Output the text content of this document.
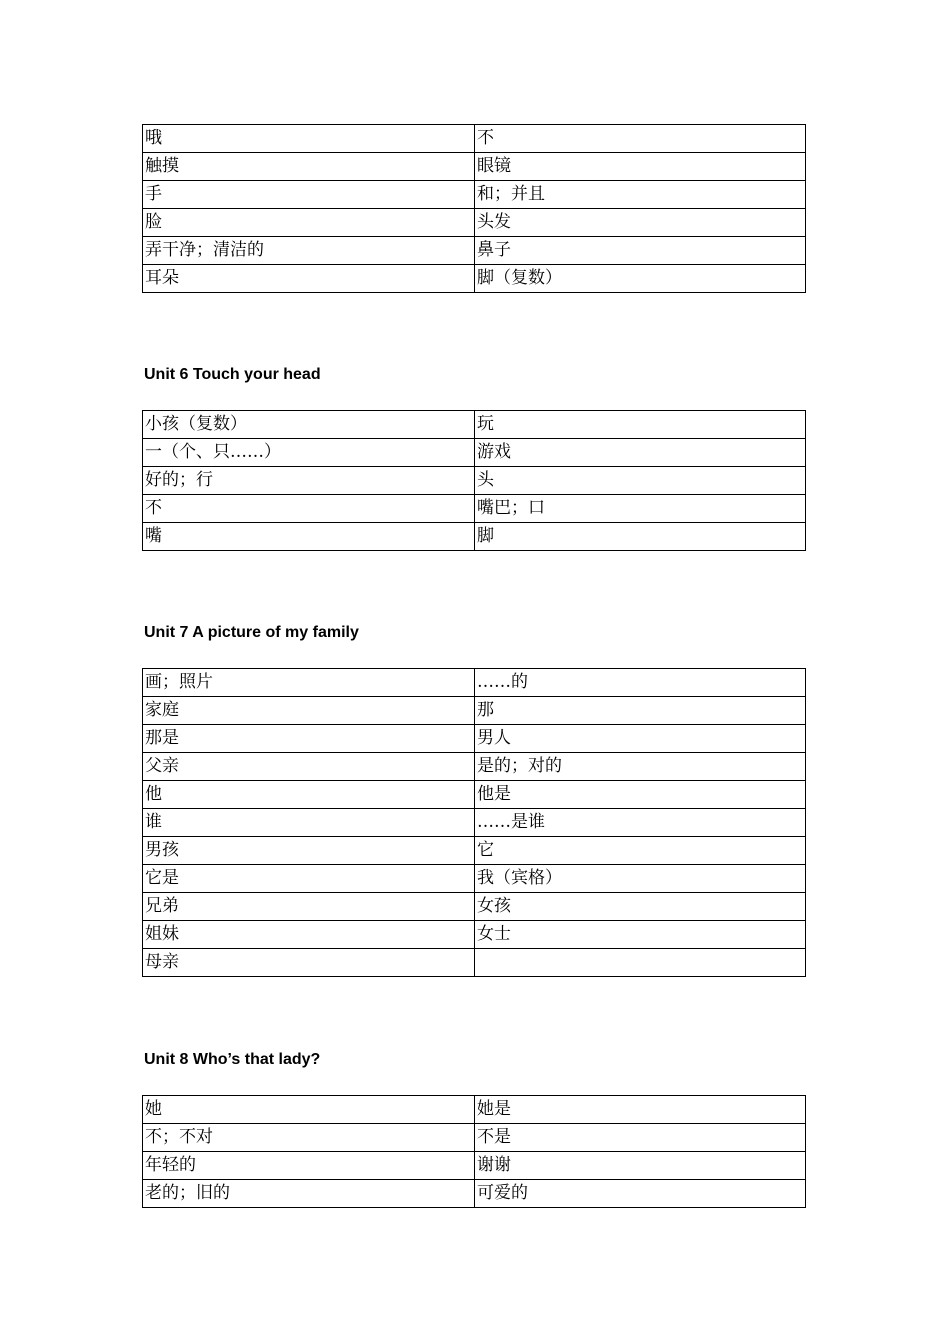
哦	不
触摸	眼镜
手	和；并且
脸	头发
弄干净；清洁的	鼻子
耳朵	脚（复数）
Unit 6 Touch your head
小孩（复数）	玩
一（个、只……）	游戏
好的；行	头
不	嘴巴；口
嘴	脚
Unit 7 A picture of my family
画；照片	……的
家庭	那
那是	男人
父亲	是的；对的
他	他是
谁	……是谁
男孩	它
它是	我（宾格）
兄弟	女孩
姐妹	女士
母亲	
Unit 8 Who’s that lady?
她	她是
不；不对	不是
年轻的	谢谢
老的；旧的	可爱的
